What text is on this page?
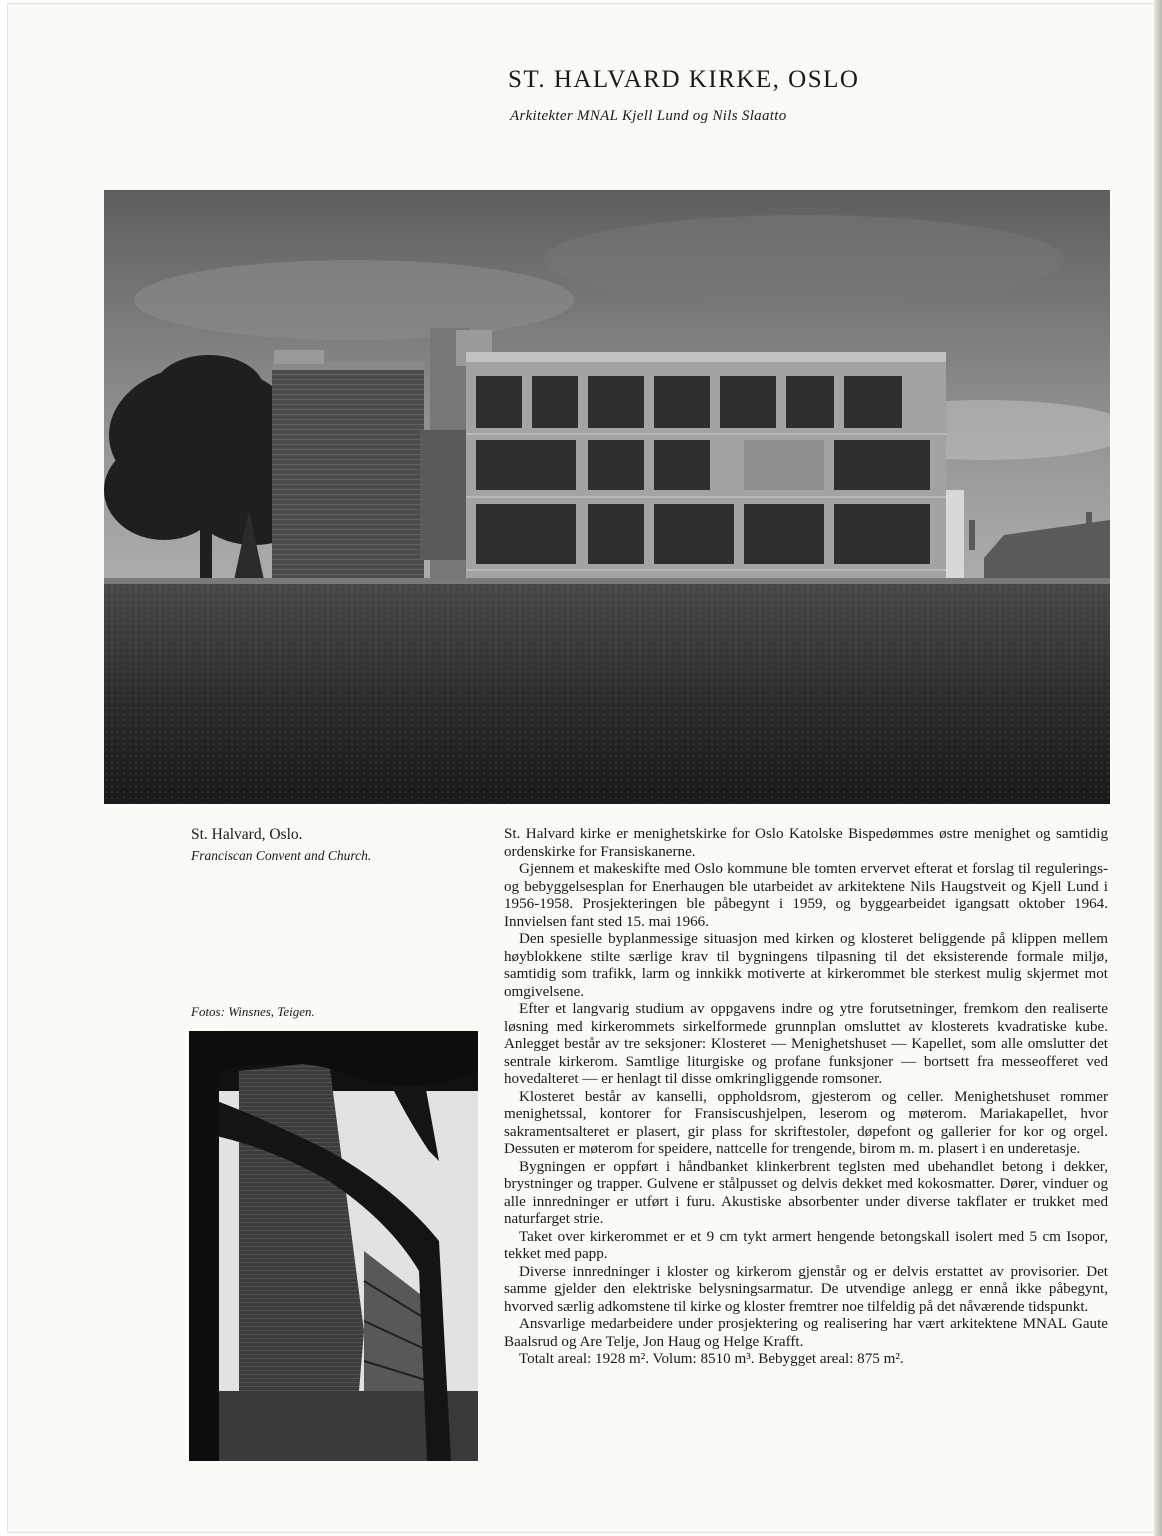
ST. HALVARD KIRKE, OSLO

Arkitekter MNAL Kjell Lund og Nils Slaatto

St. Halvard, Oslo.
Franciscan Convent and Church.
Fotos: Winsnes, Teigen.

St. Halvard kirke er menighetskirke for Oslo Katolske Bispedømmes østre menighet og samtidig ordenskirke for Fransiskanerne.

Gjennem et makeskifte med Oslo kommune ble tomten ervervet efterat et forslag til regulerings- og bebyggelsesplan for Enerhaugen ble utarbeidet av arkitektene Nils Haugstveit og Kjell Lund i 1956-1958. Prosjekteringen ble påbegynt i 1959, og byggearbeidet igangsatt oktober 1964. Innvielsen fant sted 15. mai 1966.

Den spesielle byplanmessige situasjon med kirken og klosteret beliggende på klippen mellem høyblokkene stilte særlige krav til bygningens tilpasning til det eksisterende formale miljø, samtidig som trafikk, larm og innkikk motiverte at kirkerommet ble sterkest mulig skjermet mot omgivelsene.

Efter et langvarig studium av oppgavens indre og ytre forutsetninger, fremkom den realiserte løsning med kirkerommets sirkelformede grunnplan omsluttet av klosterets kvadratiske kube. Anlegget består av tre seksjoner: Klosteret — Menighetshuset — Kapellet, som alle omslutter det sentrale kirkerom. Samtlige liturgiske og profane funksjoner — bortsett fra messeofferet ved hovedalteret — er henlagt til disse omkringliggende romsoner.

Klosteret består av kanselli, oppholdsrom, gjesterom og celler. Menighetshuset rommer menighetssal, kontorer for Fransiscushjelpen, leserom og møterom. Mariakapellet, hvor sakramentsalteret er plasert, gir plass for skriftestoler, døpefont og gallerier for kor og orgel. Dessuten er møterom for speidere, nattcelle for trengende, birom m. m. plasert i en underetasje.

Bygningen er oppført i håndbanket klinkerbrent teglsten med ubehandlet betong i dekker, brystninger og trapper. Gulvene er stålpusset og delvis dekket med kokosmatter. Dører, vinduer og alle innredninger er utført i furu. Akustiske absorbenter under diverse takflater er trukket med naturfarget strie.

Taket over kirkerommet er et 9 cm tykt armert hengende betongskall isolert med 5 cm Isopor, tekket med papp.

Diverse innredninger i kloster og kirkerom gjenstår og er delvis erstattet av provisorier. Det samme gjelder den elektriske belysningsarmatur. De utvendige anlegg er ennå ikke påbegynt, hvorved særlig adkomstene til kirke og kloster fremtrer noe tilfeldig på det nåværende tidspunkt.

Ansvarlige medarbeidere under prosjektering og realisering har vært arkitektene MNAL Gaute Baalsrud og Are Telje, Jon Haug og Helge Krafft.

Totalt areal: 1928 m². Volum: 8510 m³. Bebygget areal: 875 m².
